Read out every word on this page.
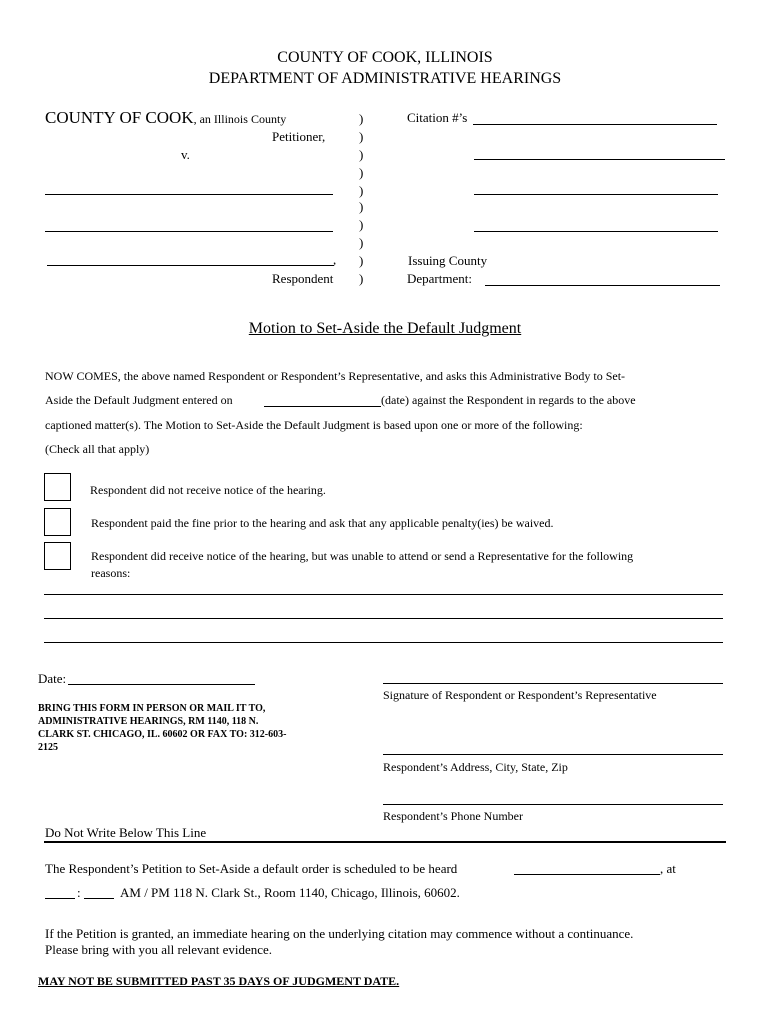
COUNTY OF COOK, ILLINOIS
DEPARTMENT OF ADMINISTRATIVE HEARINGS
COUNTY OF COOK, an Illinois County
Petitioner,
v.
,
Respondent
)
)
)
)
)
)
)
)
)
)
Citation #’s
Issuing County
Department:
Motion to Set-Aside the Default Judgment
NOW COMES, the above named Respondent or Respondent’s Representative, and asks this Administrative Body to Set-
Aside the Default Judgment entered on	(date) against the Respondent in regards to the above
captioned matter(s). The Motion to Set-Aside the Default Judgment is based upon one or more of the following:
(Check all that apply)
Respondent did not receive notice of the hearing.
Respondent paid the fine prior to the hearing and ask that any applicable penalty(ies) be waived.
Respondent did receive notice of the hearing, but was unable to attend or send a Representative for the following
reasons:
Date:
Signature of Respondent or Respondent’s Representative
BRING THIS FORM IN PERSON OR MAIL IT TO, ADMINISTRATIVE HEARINGS, RM 1140, 118 N. CLARK ST. CHICAGO, IL. 60602 OR FAX TO: 312-603-2125
Respondent’s Address, City, State, Zip
Respondent’s Phone Number
Do Not Write Below This Line
The Respondent’s Petition to Set-Aside a default order is scheduled to be heard	, at
:	AM / PM 118 N. Clark St., Room 1140, Chicago, Illinois, 60602.
If the Petition is granted, an immediate hearing on the underlying citation may commence without a continuance.
Please bring with you all relevant evidence.
MAY NOT BE SUBMITTED PAST 35 DAYS OF JUDGMENT DATE.
